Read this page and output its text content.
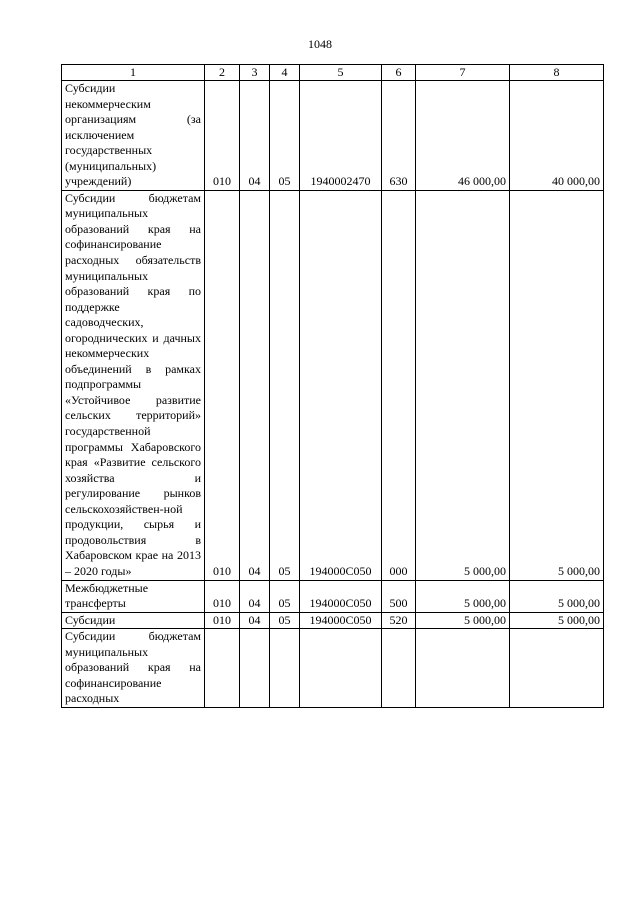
1048
1	2	3	4	5	6	7	8
Субсидии некоммерческим организациям (за исключением государственных (муниципальных) учреждений)	010	04	05	1940002470	630	46 000,00	40 000,00
Субсидии бюджетам муниципальных образований края на софинансирование расходных обязательств муниципальных образований края по поддержке садоводческих, огороднических и дачных некоммерческих объединений в рамках подпрограммы «Устойчивое развитие сельских территорий» государственной программы Хабаровского края «Развитие сельского хозяйства и регулирование рынков сельскохозяйствен-ной продукции, сырья и продовольствия в Хабаровском крае на 2013 – 2020 годы»	010	04	05	194000С050	000	5 000,00	5 000,00
Межбюджетные трансферты	010	04	05	194000С050	500	5 000,00	5 000,00
Субсидии	010	04	05	194000С050	520	5 000,00	5 000,00
Субсидии бюджетам муниципальных образований края на софинансирование расходных							
